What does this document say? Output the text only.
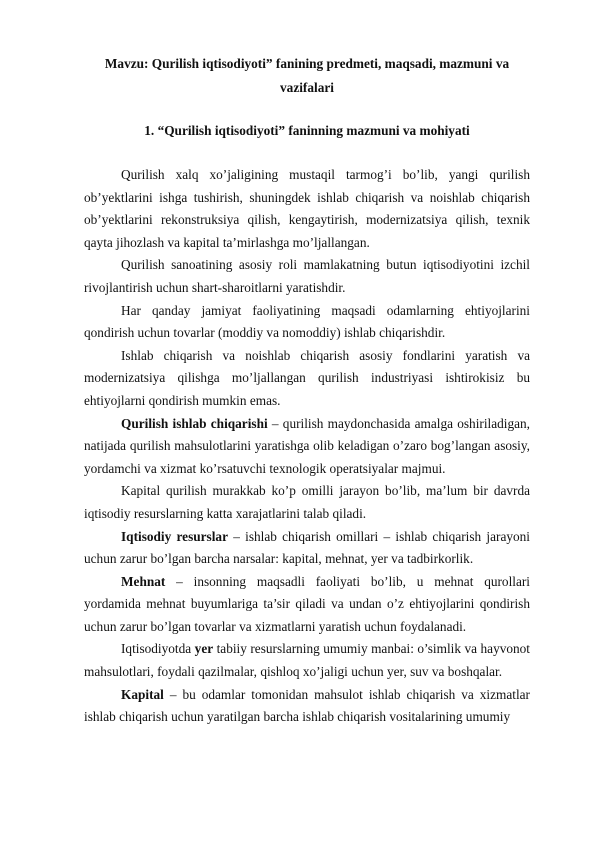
Mavzu: Qurilish iqtisodiyoti” fanining predmeti, maqsadi, mazmuni va vazifalari

1. “Qurilish iqtisodiyoti” faninning mazmuni va mohiyati

Qurilish xalq xo’jaligining mustaqil tarmog’i bo’lib, yangi qurilish ob’yektlarini ishga tushirish, shuningdek ishlab chiqarish va noishlab chiqarish ob’yektlarini rekonstruksiya qilish, kengaytirish, modernizatsiya qilish, texnik qayta jihozlash va kapital ta’mirlashga mo’ljallangan.

Qurilish sanoatining asosiy roli mamlakatning butun iqtisodiyotini izchil rivojlantirish uchun shart-sharoitlarni yaratishdir.

Har qanday jamiyat faoliyatining maqsadi odamlarning ehtiyojlarini qondirish uchun tovarlar (moddiy va nomoddiy) ishlab chiqarishdir.

Ishlab chiqarish va noishlab chiqarish asosiy fondlarini yaratish va modernizatsiya qilishga mo’ljallangan qurilish industriyasi ishtirokisiz bu ehtiyojlarni qondirish mumkin emas.

Qurilish ishlab chiqarishi – qurilish maydonchasida amalga oshiriladigan, natijada qurilish mahsulotlarini yaratishga olib keladigan o’zaro bog’langan asosiy, yordamchi va xizmat ko’rsatuvchi texnologik operatsiyalar majmui.

Kapital qurilish murakkab ko’p omilli jarayon bo’lib, ma’lum bir davrda iqtisodiy resurslarning katta xarajatlarini talab qiladi.

Iqtisodiy resurslar – ishlab chiqarish omillari – ishlab chiqarish jarayoni uchun zarur bo’lgan barcha narsalar: kapital, mehnat, yer va tadbirkorlik.

Mehnat – insonning maqsadli faoliyati bo’lib, u mehnat qurollari yordamida mehnat buyumlariga ta’sir qiladi va undan o’z ehtiyojlarini qondirish uchun zarur bo’lgan tovarlar va xizmatlarni yaratish uchun foydalanadi.

Iqtisodiyotda yer tabiiy resurslarning umumiy manbai: o’simlik va hayvonot mahsulotlari, foydali qazilmalar, qishloq xo’jaligi uchun yer, suv va boshqalar.

Kapital – bu odamlar tomonidan mahsulot ishlab chiqarish va xizmatlar ishlab chiqarish uchun yaratilgan barcha ishlab chiqarish vositalarining umumiy
